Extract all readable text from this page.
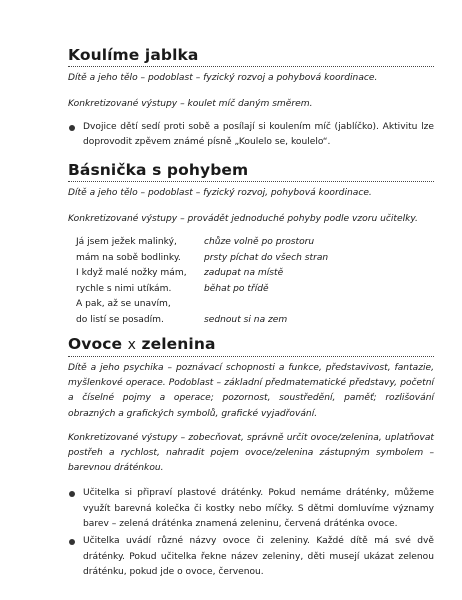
Koulíme jablka

Dítě a jeho tělo – podoblast – fyzický rozvoj a pohybová koordinace.

Konkretizované výstupy – koulet míč daným směrem.

Dvojice dětí sedí proti sobě a posílají si koulením míč (jablíčko). Aktivitu lze doprovodit zpěvem známé písně „Koulelo se, koulelo“.

Básnička s pohybem

Dítě a jeho tělo – podoblast – fyzický rozvoj, pohybová koordinace.

Konkretizované výstupy – provádět jednoduché pohyby podle vzoru učitelky.

Já jsem ježek malinký,	chůze volně po prostoru
mám na sobě bodlinky.	prsty píchat do všech stran
I když malé nožky mám,	zadupat na místě
rychle s nimi utíkám.	běhat po třídě
A pak, až se unavím,
do listí se posadím.	sednout si na zem
Ovoce x zelenina

Dítě a jeho psychika – poznávací schopnosti a funkce, představivost, fantazie, myšlenkové operace. Podoblast – základní předmatematické představy, početní a číselné pojmy a operace; pozornost, soustředění, paměť; rozlišování obrazných a grafických symbolů, grafické vyjadřování.

Konkretizované výstupy – zobecňovat, správně určit ovoce/zelenina, uplatňovat postřeh a rychlost, nahradit pojem ovoce/zelenina zástupným symbolem – barevnou dráténkou.

Učitelka si připraví plastové dráténky. Pokud nemáme dráténky, můžeme využít barevná kolečka či kostky nebo míčky. S dětmi domluvíme významy barev – zelená dráténka znamená zeleninu, červená dráténka ovoce.

Učitelka uvádí různé názvy ovoce či zeleniny. Každé dítě má své dvě dráténky. Pokud učitelka řekne název zeleniny, děti musejí ukázat zelenou dráténku, pokud jde o ovoce, červenou.
